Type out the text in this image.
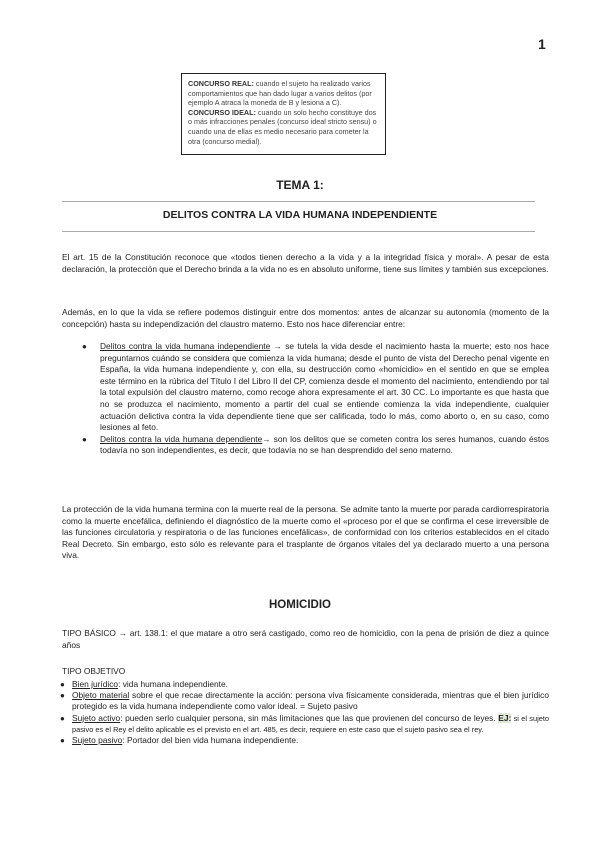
1

CONCURSO REAL: cuando el sujeto ha realizado varios comportamientos que han dado lugar a varios delitos (por ejemplo A atraca la moneda de B y lesiona a C).

CONCURSO IDEAL: cuando un solo hecho constituye dos o más infracciones penales (concurso ideal stricto sensu) o cuando una de ellas es medio necesario para cometer la otra (concurso medial).

TEMA 1:
DELITOS CONTRA LA VIDA HUMANA INDEPENDIENTE

El art. 15 de la Constitución reconoce que «todos tienen derecho a la vida y a la integridad física y moral». A pesar de esta declaración, la protección que el Derecho brinda a la vida no es en absoluto uniforme, tiene sus límites y también sus excepciones.

Además, en lo que la vida se refiere podemos distinguir entre dos momentos: antes de alcanzar su autonomía (momento de la concepción) hasta su independización del claustro materno. Esto nos hace diferenciar entre:

● Delitos contra la vida humana independiente → se tutela la vida desde el nacimiento hasta la muerte; esto nos hace preguntarnos cuándo se considera que comienza la vida humana; desde el punto de vista del Derecho penal vigente en España, la vida humana independiente y, con ella, su destrucción como «homicidio» en el sentido en que se emplea este término en la rúbrica del Título I del Libro II del CP, comienza desde el momento del nacimiento, entendiendo por tal la total expulsión del claustro materno, como recoge ahora expresamente el art. 30 CC. Lo importante es que hasta que no se produzca el nacimiento, momento a partir del cual se entiende comienza la vida independiente, cualquier actuación delictiva contra la vida dependiente tiene que ser calificada, todo lo más, como aborto o, en su caso, como lesiones al feto.
● Delitos contra la vida humana dependiente→ son los delitos que se cometen contra los seres humanos, cuando éstos todavía no son independientes, es decir, que todavía no se han desprendido del seno materno.

La protección de la vida humana termina con la muerte real de la persona. Se admite tanto la muerte por parada cardiorrespiratoria como la muerte encefálica, definiendo el diagnóstico de la muerte como el «proceso por el que se confirma el cese irreversible de las funciones circulatoria y respiratoria o de las funciones encefálicas», de conformidad con los criterios establecidos en el citado Real Decreto. Sin embargo, esto sólo es relevante para el trasplante de órganos vitales del ya declarado muerto a una persona viva.

HOMICIDIO

TIPO BÁSICO → art. 138.1: el que matare a otro será castigado, como reo de homicidio, con la pena de prisión de diez a quince años

TIPO OBJETIVO
● Bien jurídico: vida humana independiente.
● Objeto material sobre el que recae directamente la acción: persona viva físicamente considerada, mientras que el bien jurídico protegido es la vida humana independiente como valor ideal. = Sujeto pasivo
● Sujeto activo: pueden serlo cualquier persona, sin más limitaciones que las que provienen del concurso de leyes. EJ: si el sujeto pasivo es el Rey el delito aplicable es el previsto en el art. 485, es decir, requiere en este caso que el sujeto pasivo sea el rey.
● Sujeto pasivo: Portador del bien vida humana independiente.
